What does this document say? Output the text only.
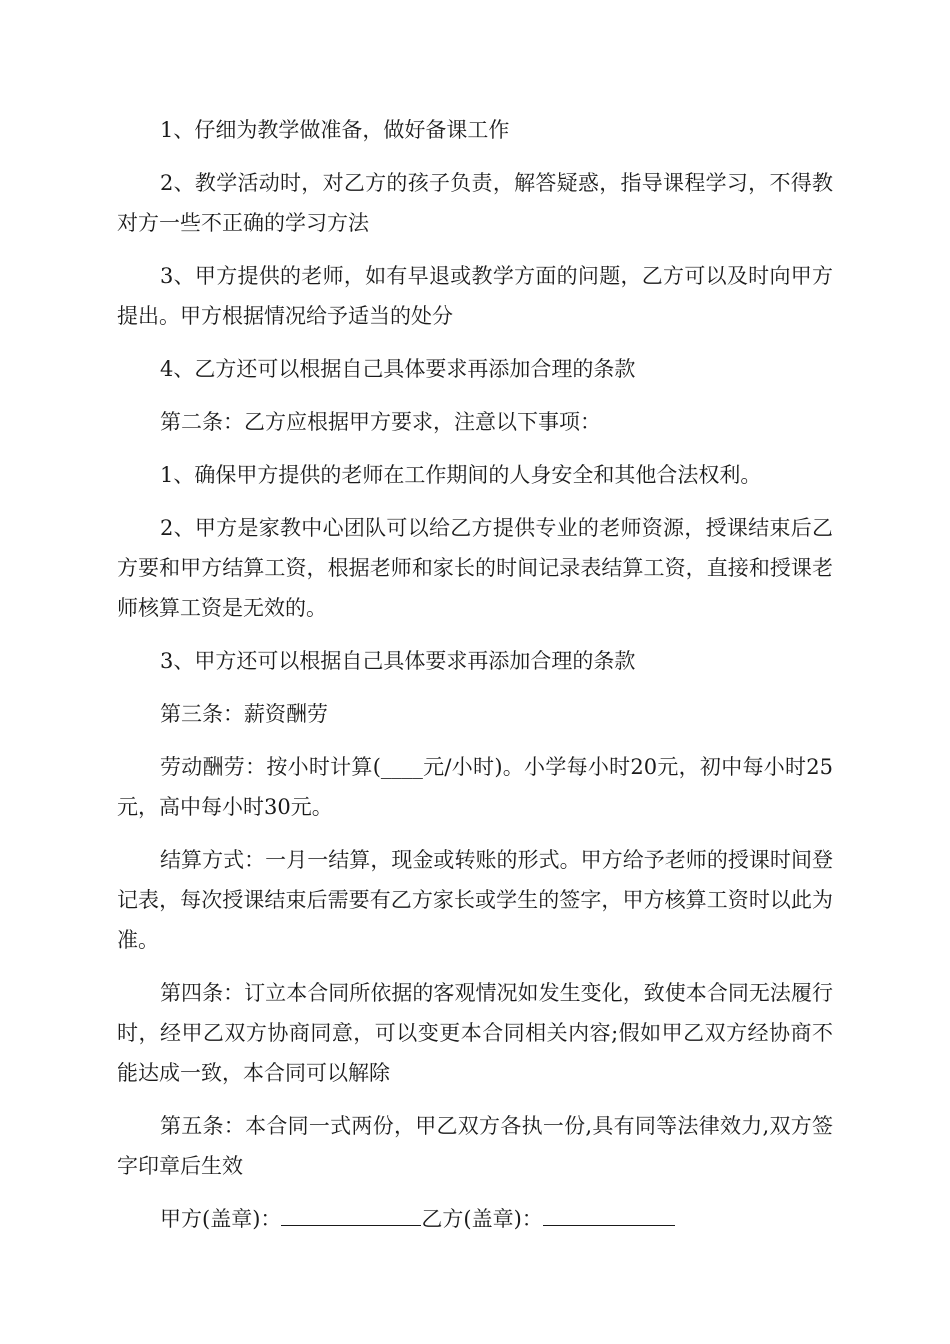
1、仔细为教学做准备，做好备课工作

2、教学活动时，对乙方的孩子负责，解答疑惑，指导课程学习，不得教对方一些不正确的学习方法

3、甲方提供的老师，如有早退或教学方面的问题，乙方可以及时向甲方提出。甲方根据情况给予适当的处分

4、乙方还可以根据自己具体要求再添加合理的条款

第二条：乙方应根据甲方要求，注意以下事项：

1、确保甲方提供的老师在工作期间的人身安全和其他合法权利。

2、甲方是家教中心团队可以给乙方提供专业的老师资源，授课结束后乙方要和甲方结算工资，根据老师和家长的时间记录表结算工资，直接和授课老师核算工资是无效的。

3、甲方还可以根据自己具体要求再添加合理的条款

第三条：薪资酬劳

劳动酬劳：按小时计算(____元/小时)。小学每小时20元，初中每小时25元，高中每小时30元。

结算方式：一月一结算，现金或转账的形式。甲方给予老师的授课时间登记表，每次授课结束后需要有乙方家长或学生的签字，甲方核算工资时以此为准。

第四条：订立本合同所依据的客观情况如发生变化，致使本合同无法履行时，经甲乙双方协商同意，可以变更本合同相关内容;假如甲乙双方经协商不能达成一致，本合同可以解除

第五条：本合同一式两份，甲乙双方各执一份,具有同等法律效力,双方签字印章后生效

甲方(盖章)：	乙方(盖章)：
